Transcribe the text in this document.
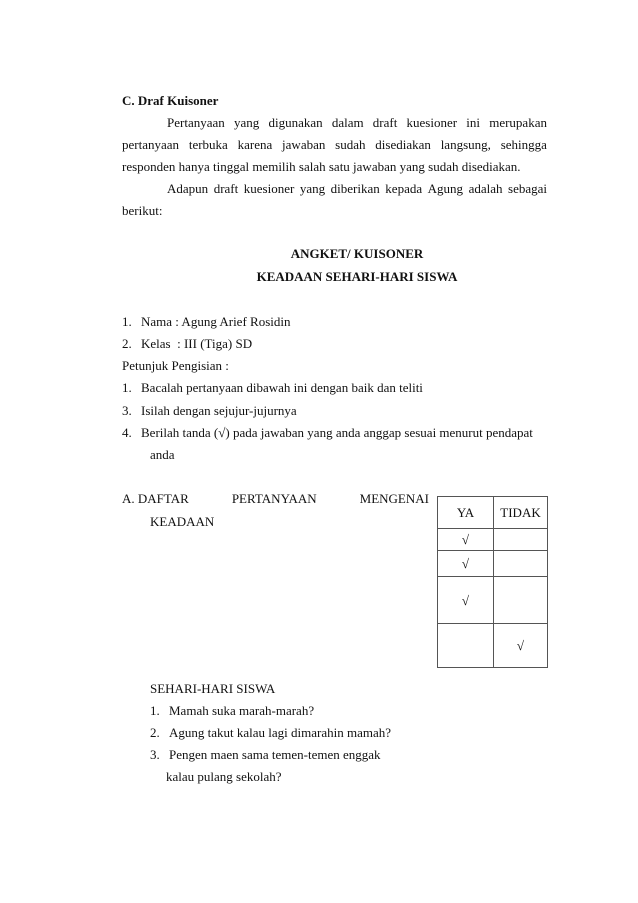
C. Draf Kuisoner
Pertanyaan yang digunakan dalam draft kuesioner ini merupakan
pertanyaan terbuka karena jawaban sudah disediakan langsung, sehingga
responden hanya tinggal memilih salah satu jawaban yang sudah disediakan.
Adapun draft kuesioner yang diberikan kepada Agung adalah sebagai
berikut:
ANGKET/ KUISONER
KEADAAN SEHARI-HARI SISWA
1. Nama : Agung Arief Rosidin
2. Kelas  : III (Tiga) SD
Petunjuk Pengisian :
1. Bacalah pertanyaan dibawah ini dengan baik dan teliti
3. Isilah dengan sejujur-jujurnya
4. Berilah tanda (√) pada jawaban yang anda anggap sesuai menurut pendapat
anda
A. DAFTAR	PERTANYAAN	MENGENAI
KEADAAN
YA	TIDAK
√	
√	
√	
	√
SEHARI-HARI SISWA
1. Mamah suka marah-marah?
2. Agung takut kalau lagi dimarahin mamah?
3. Pengen maen sama temen-temen enggak
kalau pulang sekolah?
